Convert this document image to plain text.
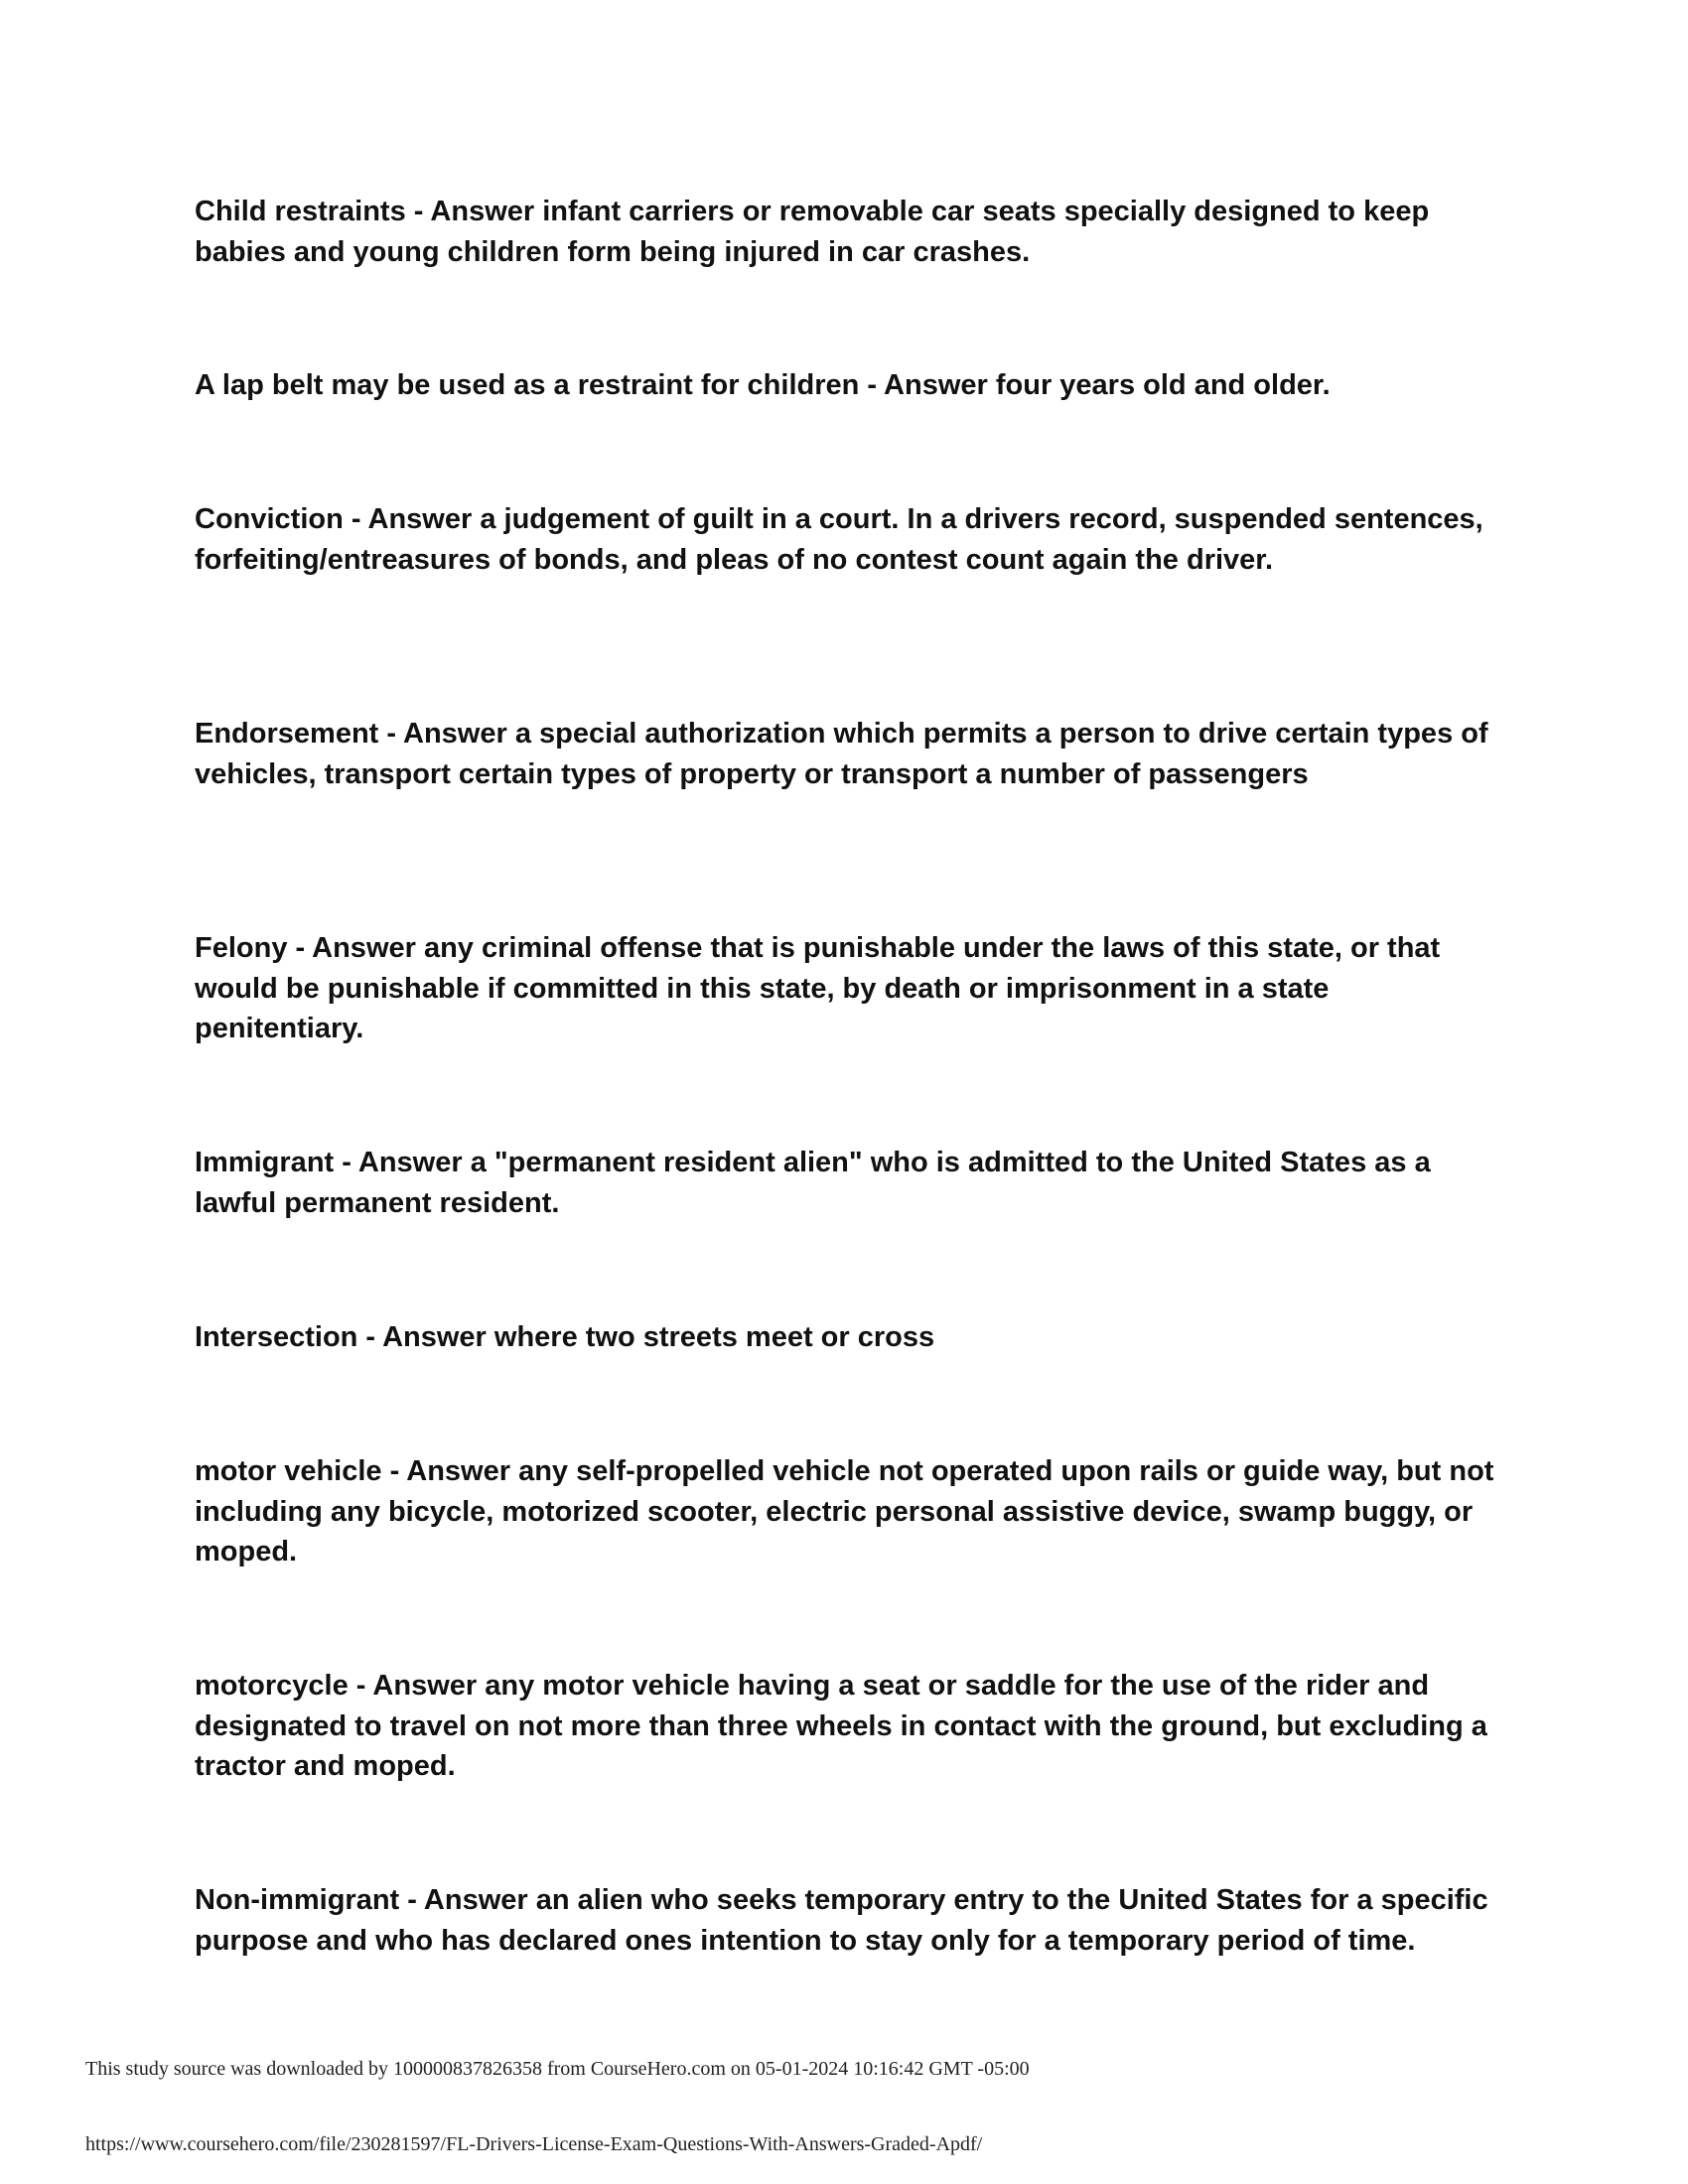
Child restraints - Answer infant carriers or removable car seats specially designed to keep babies and young children form being injured in car crashes.

A lap belt may be used as a restraint for children - Answer four years old and older.

Conviction - Answer a judgement of guilt in a court. In a drivers record, suspended sentences, forfeiting/entreasures of bonds, and pleas of no contest count again the driver.

Endorsement - Answer a special authorization which permits a person to drive certain types of vehicles, transport certain types of property or transport a number of passengers

Felony - Answer any criminal offense that is punishable under the laws of this state, or that would be punishable if committed in this state, by death or imprisonment in a state penitentiary.

Immigrant - Answer a "permanent resident alien" who is admitted to the United States as a lawful permanent resident.

Intersection - Answer where two streets meet or cross

motor vehicle - Answer any self-propelled vehicle not operated upon rails or guide way, but not including any bicycle, motorized scooter, electric personal assistive device, swamp buggy, or moped.

motorcycle - Answer any motor vehicle having a seat or saddle for the use of the rider and designated to travel on not more than three wheels in contact with the ground, but excluding a tractor and moped.

Non-immigrant - Answer an alien who seeks temporary entry to the United States for a specific purpose and who has declared ones intention to stay only for a temporary period of time.

This study source was downloaded by 100000837826358 from CourseHero.com on 05-01-2024 10:16:42 GMT -05:00

https://www.coursehero.com/file/230281597/FL-Drivers-License-Exam-Questions-With-Answers-Graded-Apdf/
